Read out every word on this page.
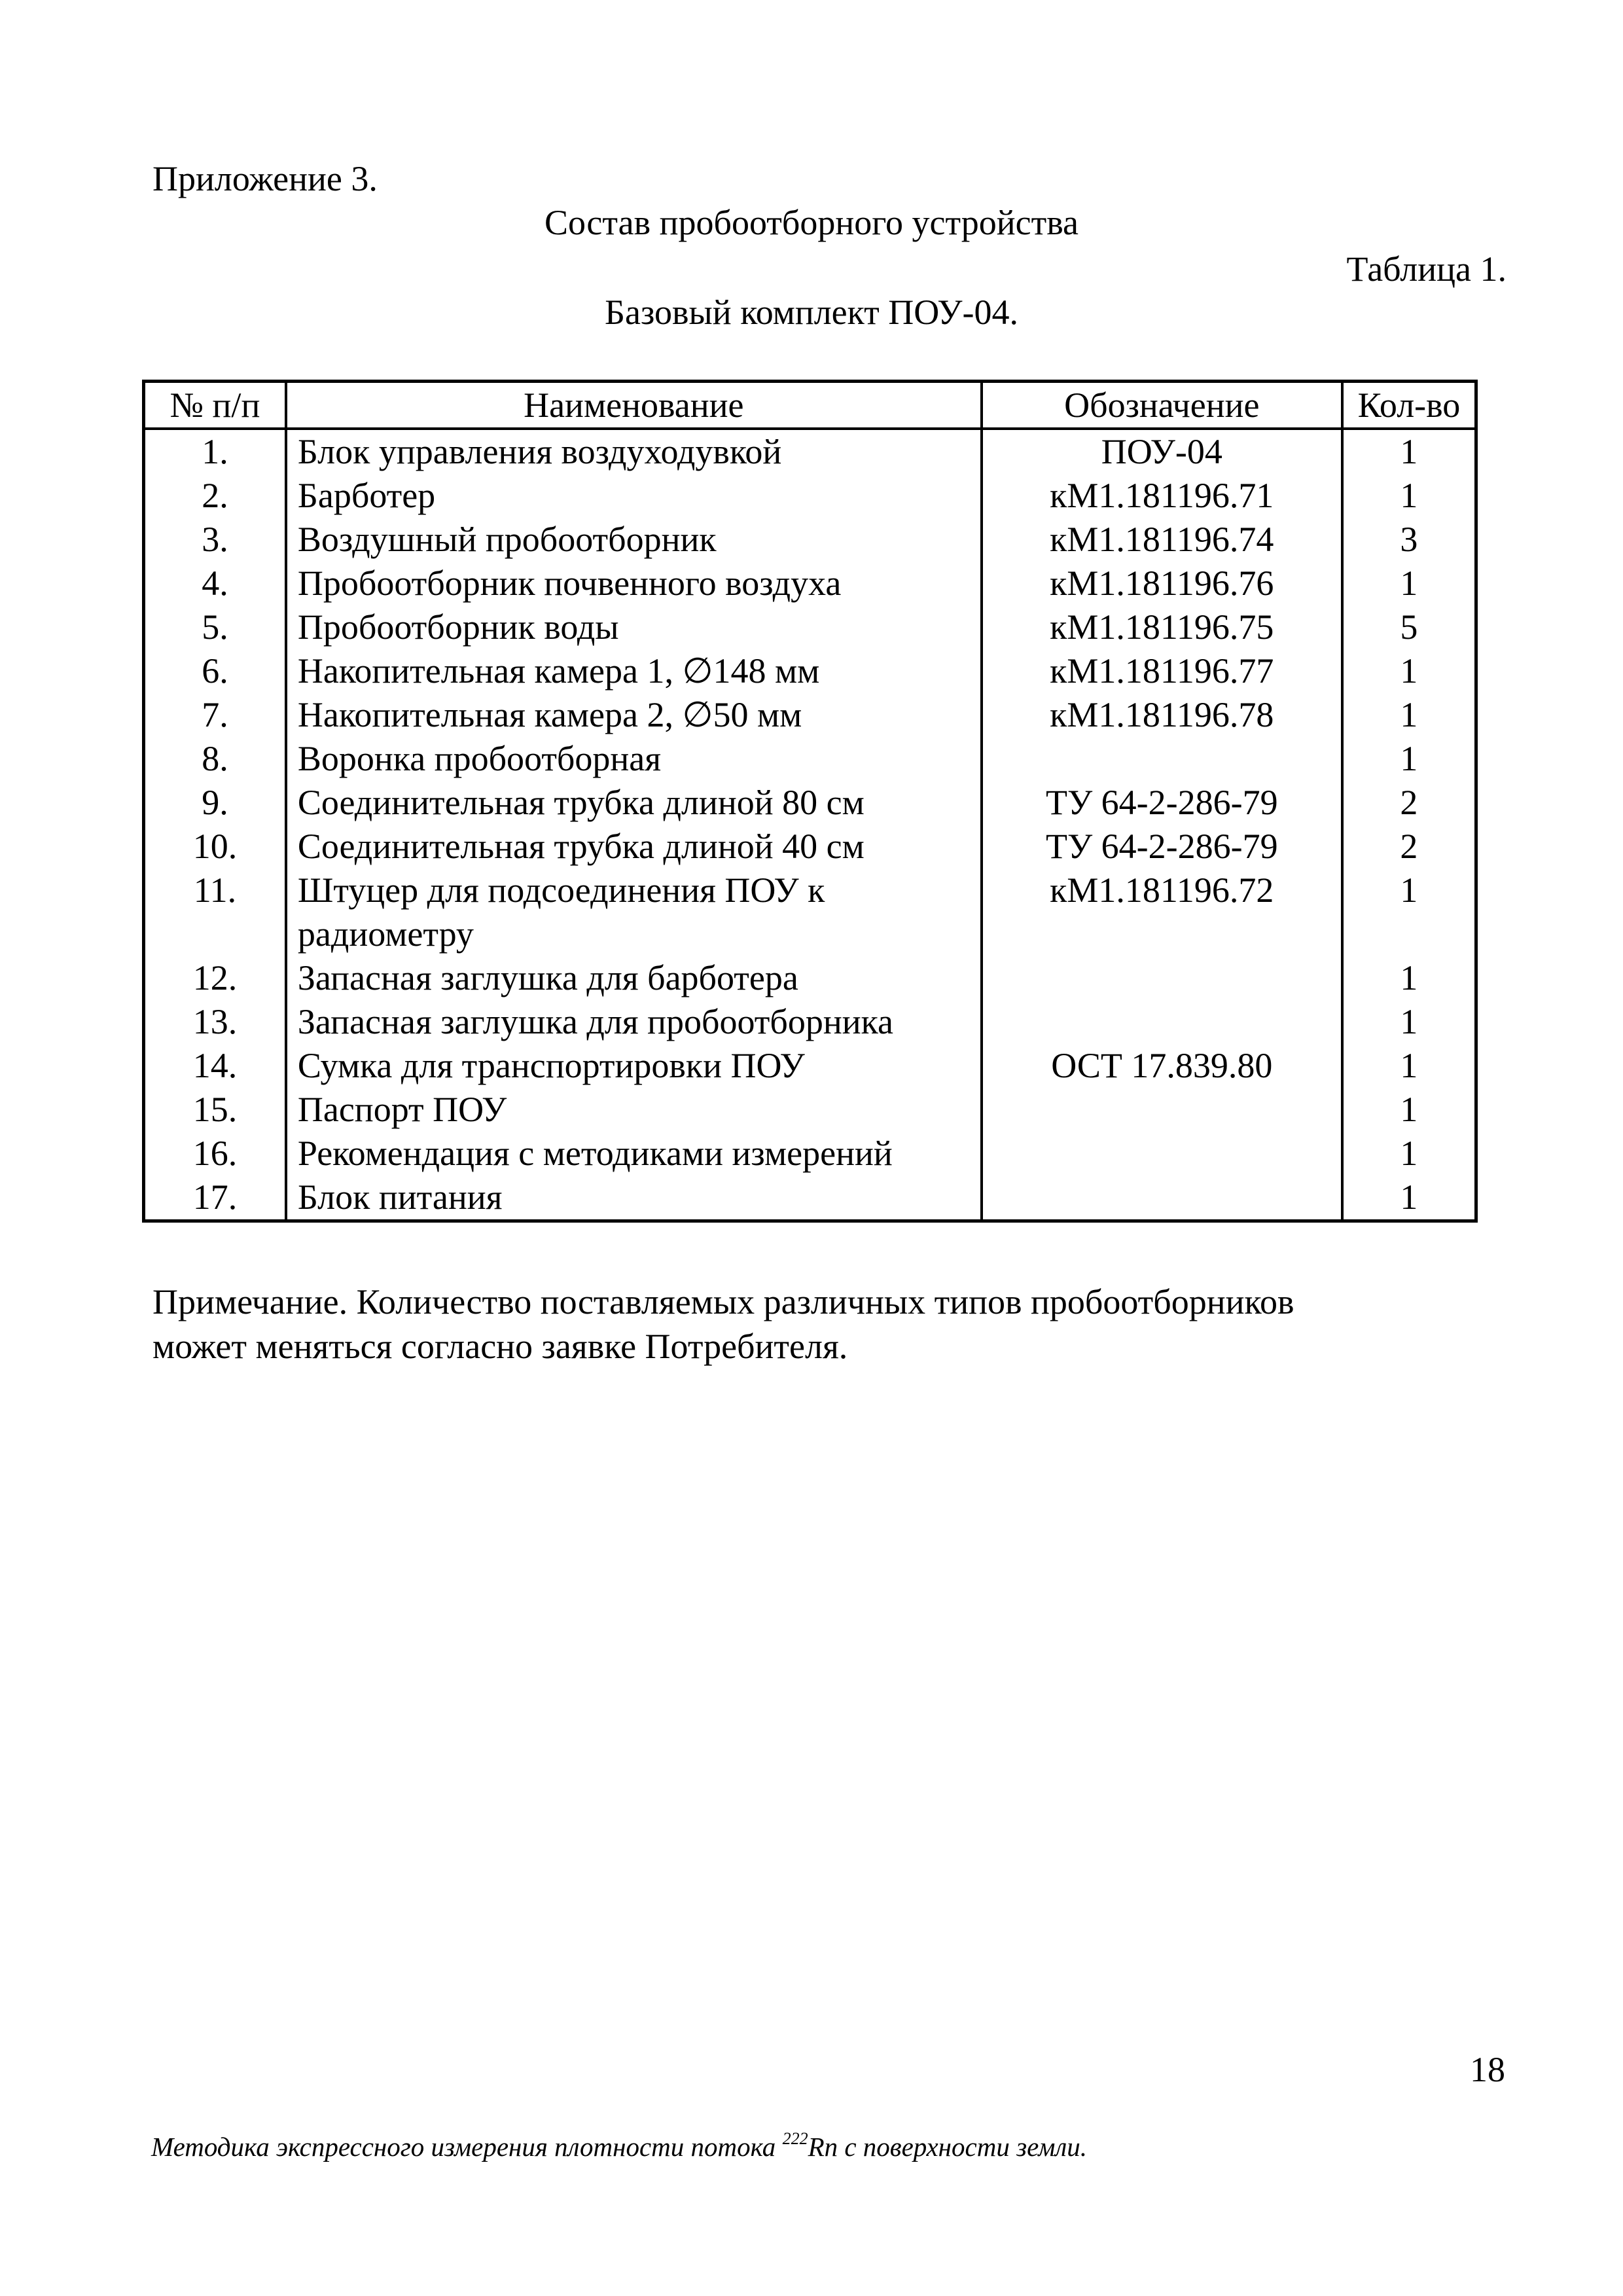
Приложение 3.
Состав пробоотборного устройства
Таблица 1.
Базовый комплект ПОУ-04.
№ п/п	Наименование	Обозначение	Кол-во
1.	Блок управления воздуходувкой	ПОУ-04	1
2.	Барботер	кМ1.181196.71	1
3.	Воздушный пробоотборник	кМ1.181196.74	3
4.	Пробоотборник почвенного воздуха	кМ1.181196.76	1
5.	Пробоотборник воды	кМ1.181196.75	5
6.	Накопительная камера 1, ∅148 мм	кМ1.181196.77	1
7.	Накопительная камера 2, ∅50 мм	кМ1.181196.78	1
8.	Воронка пробоотборная		1
9.	Соединительная трубка длиной 80 см	ТУ 64-2-286-79	2
10.	Соединительная трубка длиной 40 см	ТУ 64-2-286-79	2
11.	Штуцер для подсоединения ПОУ к	кМ1.181196.72	1
	радиометру		
12.	Запасная заглушка для барботера		1
13.	Запасная заглушка для пробоотборника		1
14.	Сумка для транспортировки ПОУ	ОСТ 17.839.80	1
15.	Паспорт ПОУ		1
16.	Рекомендация с методиками измерений		1
17.	Блок питания		1
Примечание. Количество поставляемых различных типов пробоотборников
может меняться согласно заявке Потребителя.
18
Методика экспрессного измерения плотности потока $^{222}$Rn с поверхности земли.
